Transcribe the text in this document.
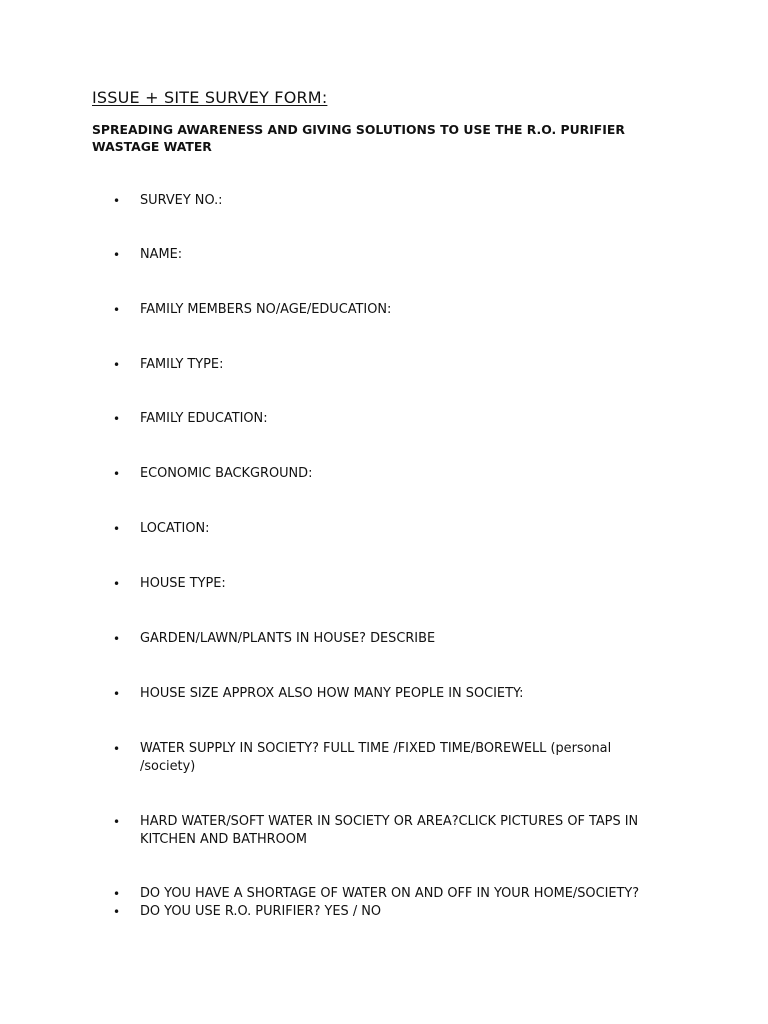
ISSUE + SITE SURVEY FORM:
SPREADING AWARENESS AND GIVING SOLUTIONS TO USE THE R.O. PURIFIER WASTAGE WATER
• SURVEY NO.:
• NAME:
• FAMILY MEMBERS NO/AGE/EDUCATION:
• FAMILY TYPE:
• FAMILY EDUCATION:
• ECONOMIC BACKGROUND:
• LOCATION:
• HOUSE TYPE:
• GARDEN/LAWN/PLANTS IN HOUSE? DESCRIBE
• HOUSE SIZE APPROX ALSO HOW MANY PEOPLE IN SOCIETY:
• WATER SUPPLY IN SOCIETY? FULL TIME /FIXED TIME/BOREWELL (personal /society)
• HARD WATER/SOFT WATER IN SOCIETY OR AREA?CLICK PICTURES OF TAPS IN KITCHEN AND BATHROOM
• DO YOU HAVE A SHORTAGE OF WATER ON AND OFF IN YOUR HOME/SOCIETY?
• DO YOU USE R.O. PURIFIER? YES / NO
